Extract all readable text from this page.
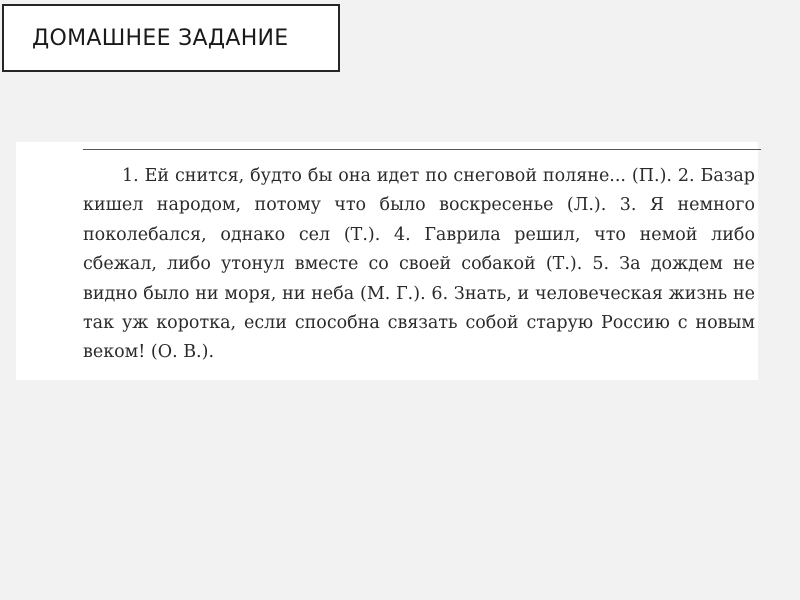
ДОМАШНЕЕ ЗАДАНИЕ

1. Ей снится, будто бы она идет по снеговой поляне... (П.). 2. Базар кишел народом, потому что было воскресенье (Л.). 3. Я немного поколебался, однако сел (Т.). 4. Гаврила решил, что немой либо сбежал, либо утонул вместе со своей собакой (Т.). 5. За дождем не видно было ни моря, ни неба (М. Г.). 6. Знать, и человеческая жизнь не так уж коротка, если способна связать собой старую Россию с новым веком! (О. В.).
